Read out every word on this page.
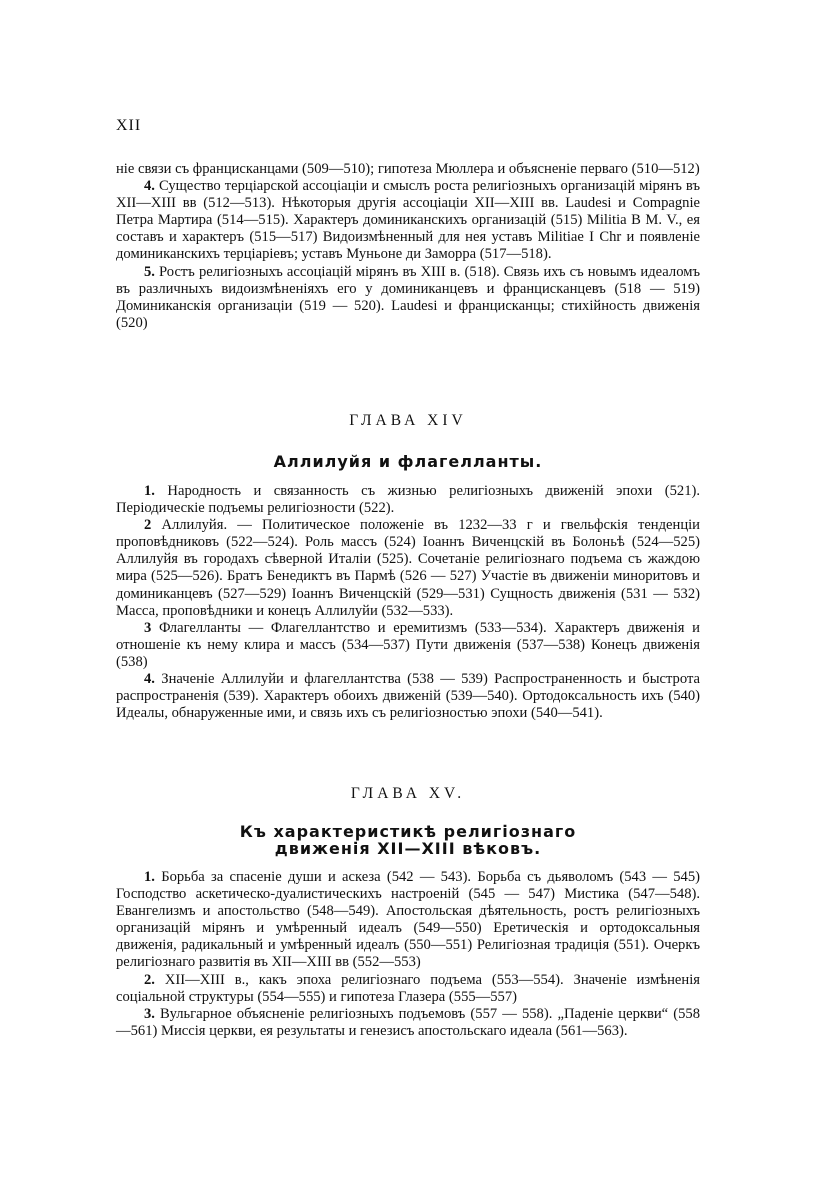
XII

ніе связи съ францисканцами (509—510); гипотеза Мюллера и объясненіе перваго (510—512)

4. Существо терціарской ассоціаціи и смыслъ роста религіозныхъ организацій мірянъ въ XII—XIII вв (512—513). Нѣкоторыя другія ассоціаціи XII—XIII вв. Laudesi и Compagnie Петра Мартира (514—515). Характеръ доминиканскихъ организацій (515) Militia B M. V., ея составъ и характеръ (515—517) Видоизмѣненный для нея уставъ Militiae I Chr и появленіе доминиканскихъ терціаріевъ; уставъ Муньоне ди Заморра (517—518).

5. Ростъ религіозныхъ ассоціацій мірянъ въ XIII в. (518). Связь ихъ съ новымъ идеаломъ въ различныхъ видоизмѣненіяхъ его у доминиканцевъ и францисканцевъ (518 — 519) Доминиканскія организаціи (519 — 520). Laudesi и францисканцы; стихійность движенія (520)

ГЛАВА XIV
Аллилуйя и флагелланты.

1. Народность и связанность съ жизнью религіозныхъ движеній эпохи (521). Періодическіе подъемы религіозности (522).

2 Аллилуйя. — Политическое положеніе въ 1232—33 г и гвельфскія тенденціи проповѣдниковъ (522—524). Роль массъ (524) Іоаннъ Виченцскій въ Болоньѣ (524—525) Аллилуйя въ городахъ сѣверной Италіи (525). Сочетаніе религіознаго подъема съ жаждою мира (525—526). Братъ Бенедиктъ въ Пармѣ (526 — 527) Участіе въ движеніи миноритовъ и доминиканцевъ (527—529) Іоаннъ Виченцскій (529—531) Сущность движенія (531 — 532) Масса, проповѣдники и конецъ Аллилуйи (532—533).

3 Флагелланты — Флагеллантство и еремитизмъ (533—534). Характеръ движенія и отношеніе къ нему клира и массъ (534—537) Пути движенія (537—538) Конецъ движенія (538)

4. Значеніе Аллилуйи и флагеллантства (538 — 539) Распространенность и быстрота распространенія (539). Характеръ обоихъ движеній (539—540). Ортодоксальность ихъ (540) Идеалы, обнаруженные ими, и связь ихъ съ религіозностью эпохи (540—541).

ГЛАВА XV.
Къ характеристикѣ религіознаго движенія XII—XIII вѣковъ.

1. Борьба за спасеніе души и аскеза (542 — 543). Борьба съ дьяволомъ (543 — 545) Господство аскетическо-дуалистическихъ настроеній (545 — 547) Мистика (547—548). Евангелизмъ и апостольство (548—549). Апостольская дѣятельность, ростъ религіозныхъ организацій мірянъ и умѣренный идеалъ (549—550) Еретическія и ортодоксальныя движенія, радикальный и умѣренный идеалъ (550—551) Религіозная традиція (551). Очеркъ религіознаго развитія въ XII—XIII вв (552—553)

2. XII—XIII в., какъ эпоха религіознаго подъема (553—554). Значеніе измѣненія соціальной структуры (554—555) и гипотеза Глазера (555—557)

3. Вульгарное объясненіе религіозныхъ подъемовъ (557 — 558). „Паденіе церкви“ (558—561) Миссія церкви, ея результаты и генезисъ апостольскаго идеала (561—563).
